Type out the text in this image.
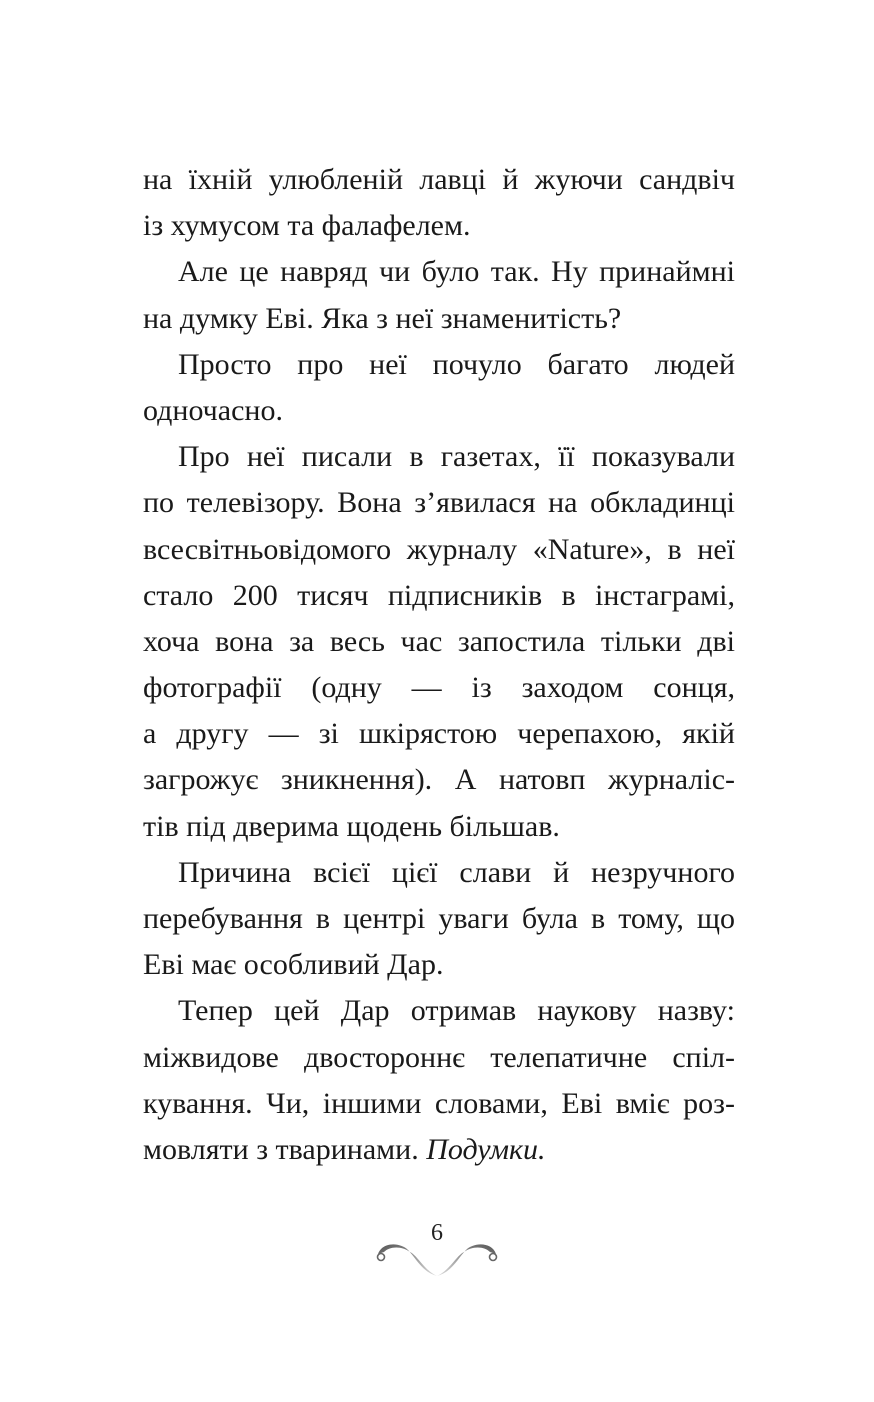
на їхній улюбленій лавці й жуючи сандвіч
із хумусом та фалафелем.
Але це навряд чи було так. Ну принаймні
на думку Еві. Яка з неї знаменитість?
Просто про неї почуло багато людей
одночасно.
Про неї писали в газетах, її показували
по телевізору. Вона з’явилася на обкладинці
всесвітньовідомого журналу «Nature», в неї
стало 200 тисяч підписників в інстаграмі,
хоча вона за весь час запостила тільки дві
фотографії (одну — із заходом сонця,
а другу — зі шкірястою черепахою, якій
загрожує зникнення). А натовп журналіс-
тів під дверима щодень більшав.
Причина всієї цієї слави й незручного
перебування в центрі уваги була в тому, що
Еві має особливий Дар.
Тепер цей Дар отримав наукову назву:
міжвидове двостороннє телепатичне спіл-
кування. Чи, іншими словами, Еві вміє роз-
мовляти з тваринами. Подумки.
6
